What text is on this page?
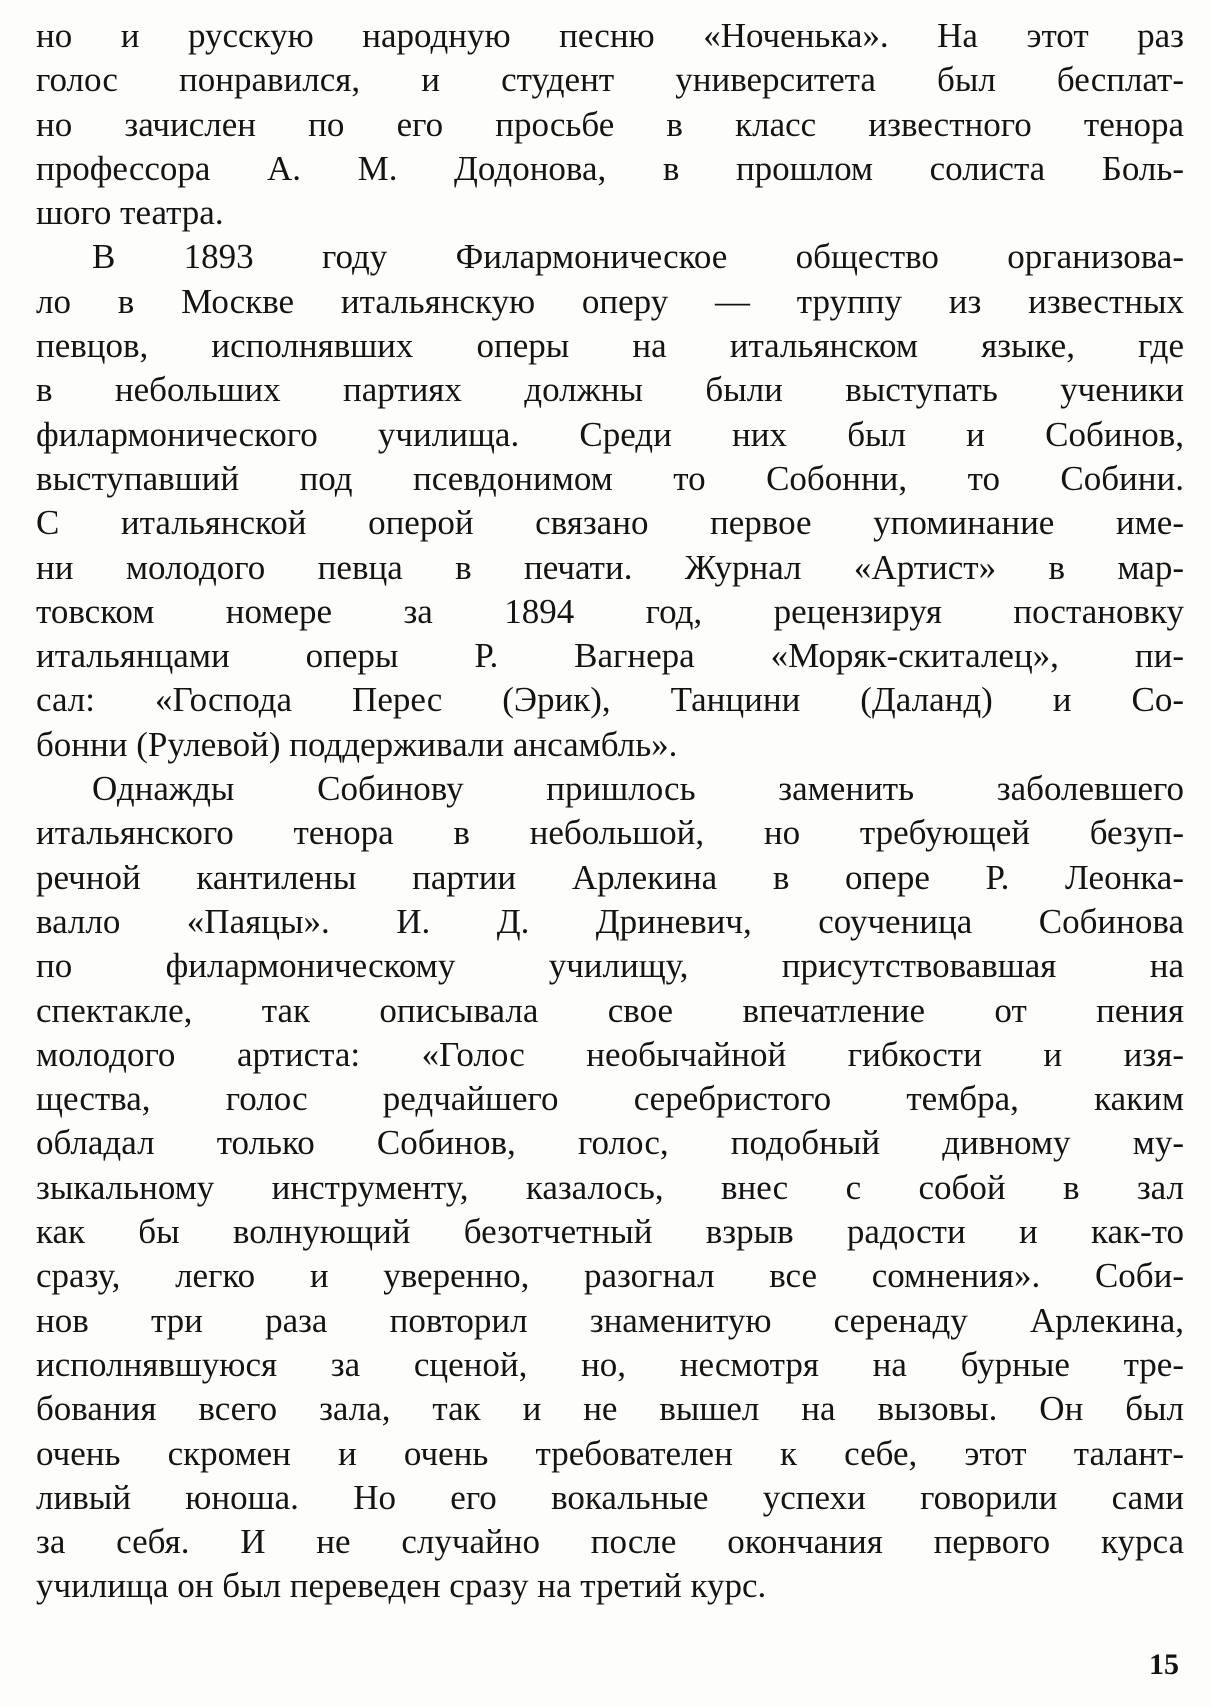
но и русскую народную песню «Ноченька». На этот раз
голос понравился, и студент университета был бесплат-
но зачислен по его просьбе в класс известного тенора
профессора А. М. Додонова, в прошлом солиста Боль-
шого театра.
В 1893 году Филармоническое общество организова-
ло в Москве итальянскую оперу — труппу из известных
певцов, исполнявших оперы на итальянском языке, где
в небольших партиях должны были выступать ученики
филармонического училища. Среди них был и Собинов,
выступавший под псевдонимом то Собонни, то Собини.
С итальянской оперой связано первое упоминание име-
ни молодого певца в печати. Журнал «Артист» в мар-
товском номере за 1894 год, рецензируя постановку
итальянцами оперы Р. Вагнера «Моряк-скиталец», пи-
сал: «Господа Перес (Эрик), Танцини (Даланд) и Со-
бонни (Рулевой) поддерживали ансамбль».
Однажды Собинову пришлось заменить заболевшего
итальянского тенора в небольшой, но требующей безуп-
речной кантилены партии Арлекина в опере Р. Леонка-
валло «Паяцы». И. Д. Дриневич, соученица Собинова
по филармоническому училищу, присутствовавшая на
спектакле, так описывала свое впечатление от пения
молодого артиста: «Голос необычайной гибкости и изя-
щества, голос редчайшего серебристого тембра, каким
обладал только Собинов, голос, подобный дивному му-
зыкальному инструменту, казалось, внес с собой в зал
как бы волнующий безотчетный взрыв радости и как-то
сразу, легко и уверенно, разогнал все сомнения». Соби-
нов три раза повторил знаменитую серенаду Арлекина,
исполнявшуюся за сценой, но, несмотря на бурные тре-
бования всего зала, так и не вышел на вызовы. Он был
очень скромен и очень требователен к себе, этот талант-
ливый юноша. Но его вокальные успехи говорили сами
за себя. И не случайно после окончания первого курса
училища он был переведен сразу на третий курс.
15
